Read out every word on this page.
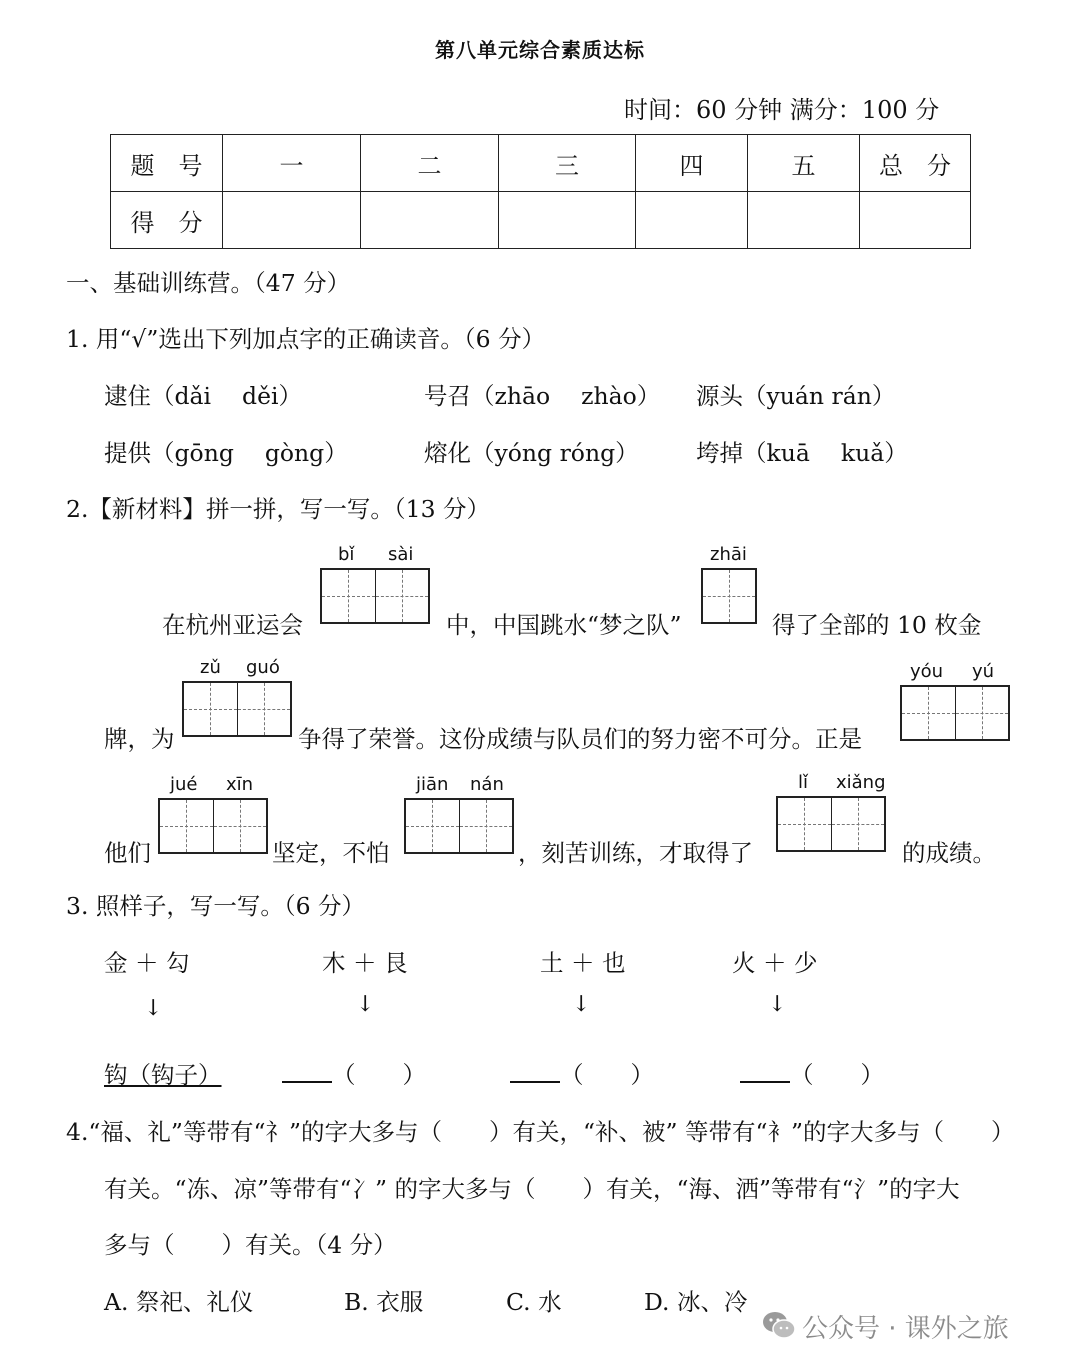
第八单元综合素质达标
时间：60 分钟 满分：100 分
题　号	一	二	三	四	五	总　分
得　分						
一、基础训练营。（47 分）
1. 用“√”选出下列加点字的正确读音。（6 分）
逮住（dǎi　 děi）	号召（zhāo　 zhào） 源头（yuán rán）
提供（gōng　 gòng）	熔化（yóng róng） 垮掉（kuā　 kuǎ）
2.【新材料】拼一拼，写一写。（13 分）
bǐ sài	zhāi
在杭州亚运会	中，中国跳水“梦之队”	得了全部的 10 枚金
zǔ guó	yóu yú
牌，为	争得了荣誉。这份成绩与队员们的努力密不可分。正是
jué xīn	jiān nán	lǐ xiǎng
他们	坚定，不怕	，刻苦训练，才取得了	的成绩。
3. 照样子，写一写。（6 分）
金 ＋ 勾	木 ＋ 艮	土 ＋ 也	火 ＋ 少
↓	↓	↓	↓
钩（钩子）	（　　）	（　　）	（　　）
4.“福、礼”等带有“礻”的字大多与（　　）有关，“补、被” 等带有“衤”的字大多与（　　）
有关。“冻、凉”等带有“冫” 的字大多与（　　）有关，“海、洒”等带有“氵”的字大
多与（　　）有关。（4 分）
A. 祭祀、礼仪	B. 衣服	C. 水	D. 冰、冷
公众号 · 课外之旅
